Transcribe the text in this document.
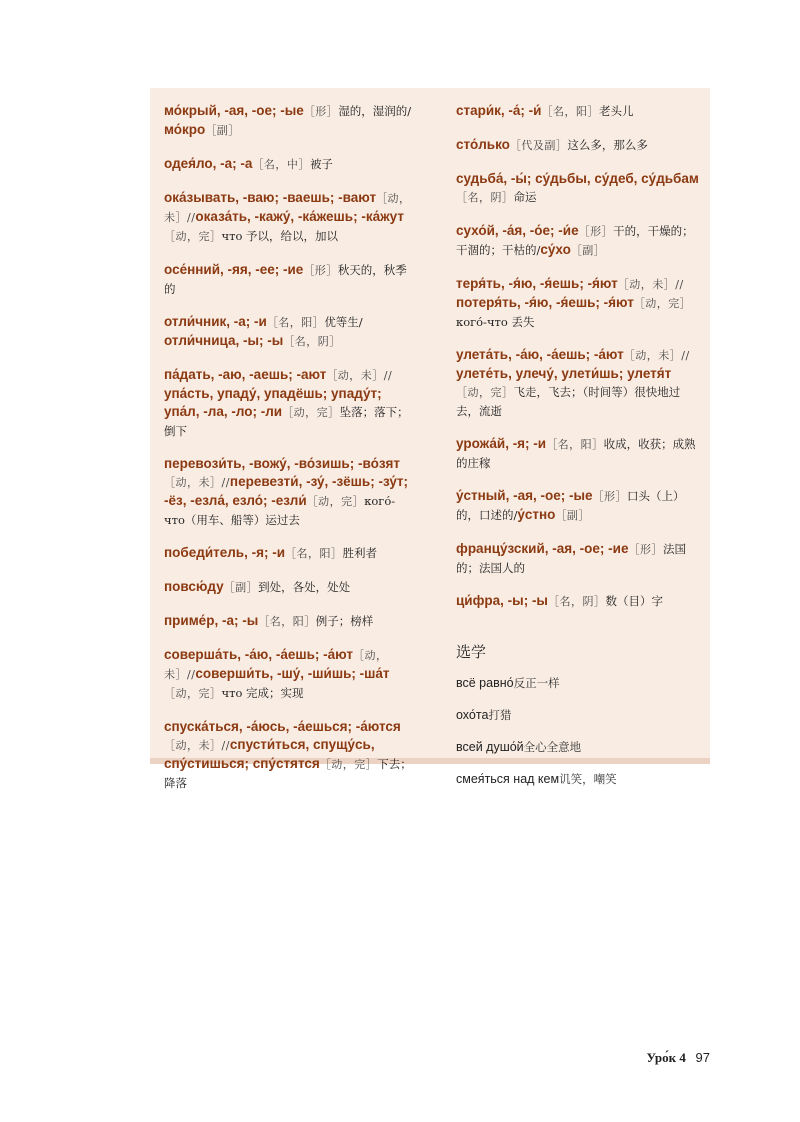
мо́крый, -ая, -ое; -ые［形］湿的，湿润的/мо́кро［副］
одея́ло, -а; -а［名，中］被子
ока́зывать, -ваю; -ваешь; -вают［动，未］//оказа́ть, -кажу́, -ка́жешь; -ка́жут［动，完］что 予以，给以，加以
осе́нний, -яя, -ее; -ие［形］秋天的，秋季的
отли́чник, -а; -и［名，阳］优等生/отли́чница, -ы; -ы［名，阴］
па́дать, -аю, -аешь; -ают［动，未］//упа́сть, упаду́, упадёшь; упаду́т; упа́л, -ла, -ло; -ли［动，完］坠落；落下；倒下
перевози́ть, -вожу́, -во́зишь; -во́зят［动，未］//перевезти́, -зу́, -зёшь; -зу́т; -ёз, -езла́, езло́; -езли́［动，完］кого́-что（用车、船等）运过去
победи́тель, -я; -и［名，阳］胜利者
повсю́ду［副］到处，各处，处处
приме́р, -а; -ы［名，阳］例子；榜样
соверша́ть, -а́ю, -а́ешь; -а́ют［动，未］//соверши́ть, -шу́, -ши́шь; -ша́т［动，完］что 完成；实现
спуска́ться, -а́юсь, -а́ешься; -а́ются［动，未］//спусти́ться, спущу́сь, спу́стишься; спу́стятся［动，完］下去；降落
стари́к, -а́; -и́［名，阳］老头儿
сто́лько［代及副］这么多，那么多
судьба́, -ы́; су́дьбы, су́деб, су́дьбам［名，阴］命运
сухо́й, -а́я, -о́е; -и́е［形］干的，干燥的；干涸的；干枯的/су́хо［副］
теря́ть, -я́ю, -я́ешь; -я́ют［动，未］//потеря́ть, -я́ю, -я́ешь; -я́ют［动，完］кого́-что 丢失
улета́ть, -а́ю, -а́ешь; -а́ют［动，未］//улете́ть, улечу́, улети́шь; улетя́т［动，完］飞走，飞去；（时间等）很快地过去，流逝
урожа́й, -я; -и［名，阳］收成，收获；成熟的庄稼
у́стный, -ая, -ое; -ые［形］口头（上）的，口述的/у́стно［副］
францу́зский, -ая, -ое; -ие［形］法国的；法国人的
ци́фра, -ы; -ы［名，阴］数（目）字
选学
всё равно́反正一样
охо́та打猎
всей душо́й全心全意地
смея́ться над кем讥笑，嘲笑
Уро́к 4 97
